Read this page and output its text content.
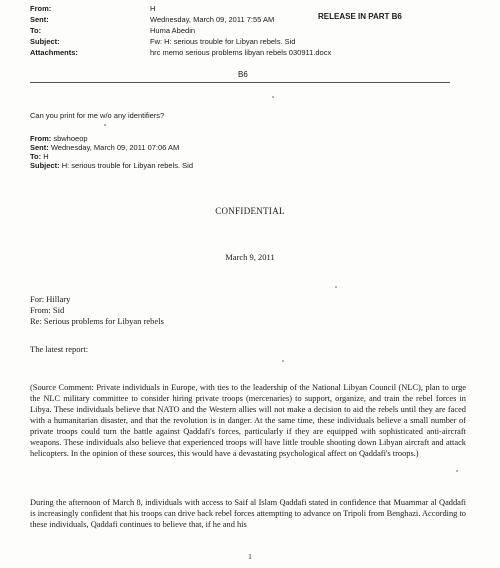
From:	H
Sent:	Wednesday, March 09, 2011 7:55 AM
To:	Huma Abedin
Subject:	Fw: H: serious trouble for Libyan rebels. Sid
Attachments:	hrc memo serious problems libyan rebels 030911.docx
RELEASE IN PART B6
B6
Can you print for me w/o any identifiers?
From: sbwhoeop
Sent: Wednesday, March 09, 2011 07:06 AM
To: H
Subject: H: serious trouble for Libyan rebels. Sid
CONFIDENTIAL
March 9, 2011
For: Hillary
From: Sid
Re: Serious problems for Libyan rebels
The latest report:
(Source Comment: Private individuals in Europe, with ties to the leadership of the National Libyan Council (NLC), plan to urge the NLC military committee to consider hiring private troops (mercenaries) to support, organize, and train the rebel forces in Libya. These individuals believe that NATO and the Western allies will not make a decision to aid the rebels until they are faced with a humanitarian disaster, and that the revolution is in danger. At the same time, these individuals believe a small number of private troops could turn the battle against Qaddafi's forces, particularly if they are equipped with sophisticated anti-aircraft weapons. These individuals also believe that experienced troops will have little trouble shooting down Libyan aircraft and attack helicopters. In the opinion of these sources, this would have a devastating psychological affect on Qaddafi's troops.)
During the afternoon of March 8, individuals with access to Saif al Islam Qaddafi stated in confidence that Muammar al Qaddafi is increasingly confident that his troops can drive back rebel forces attempting to advance on Tripoli from Benghazi. According to these individuals, Qaddafi continues to believe that, if he and his
1
